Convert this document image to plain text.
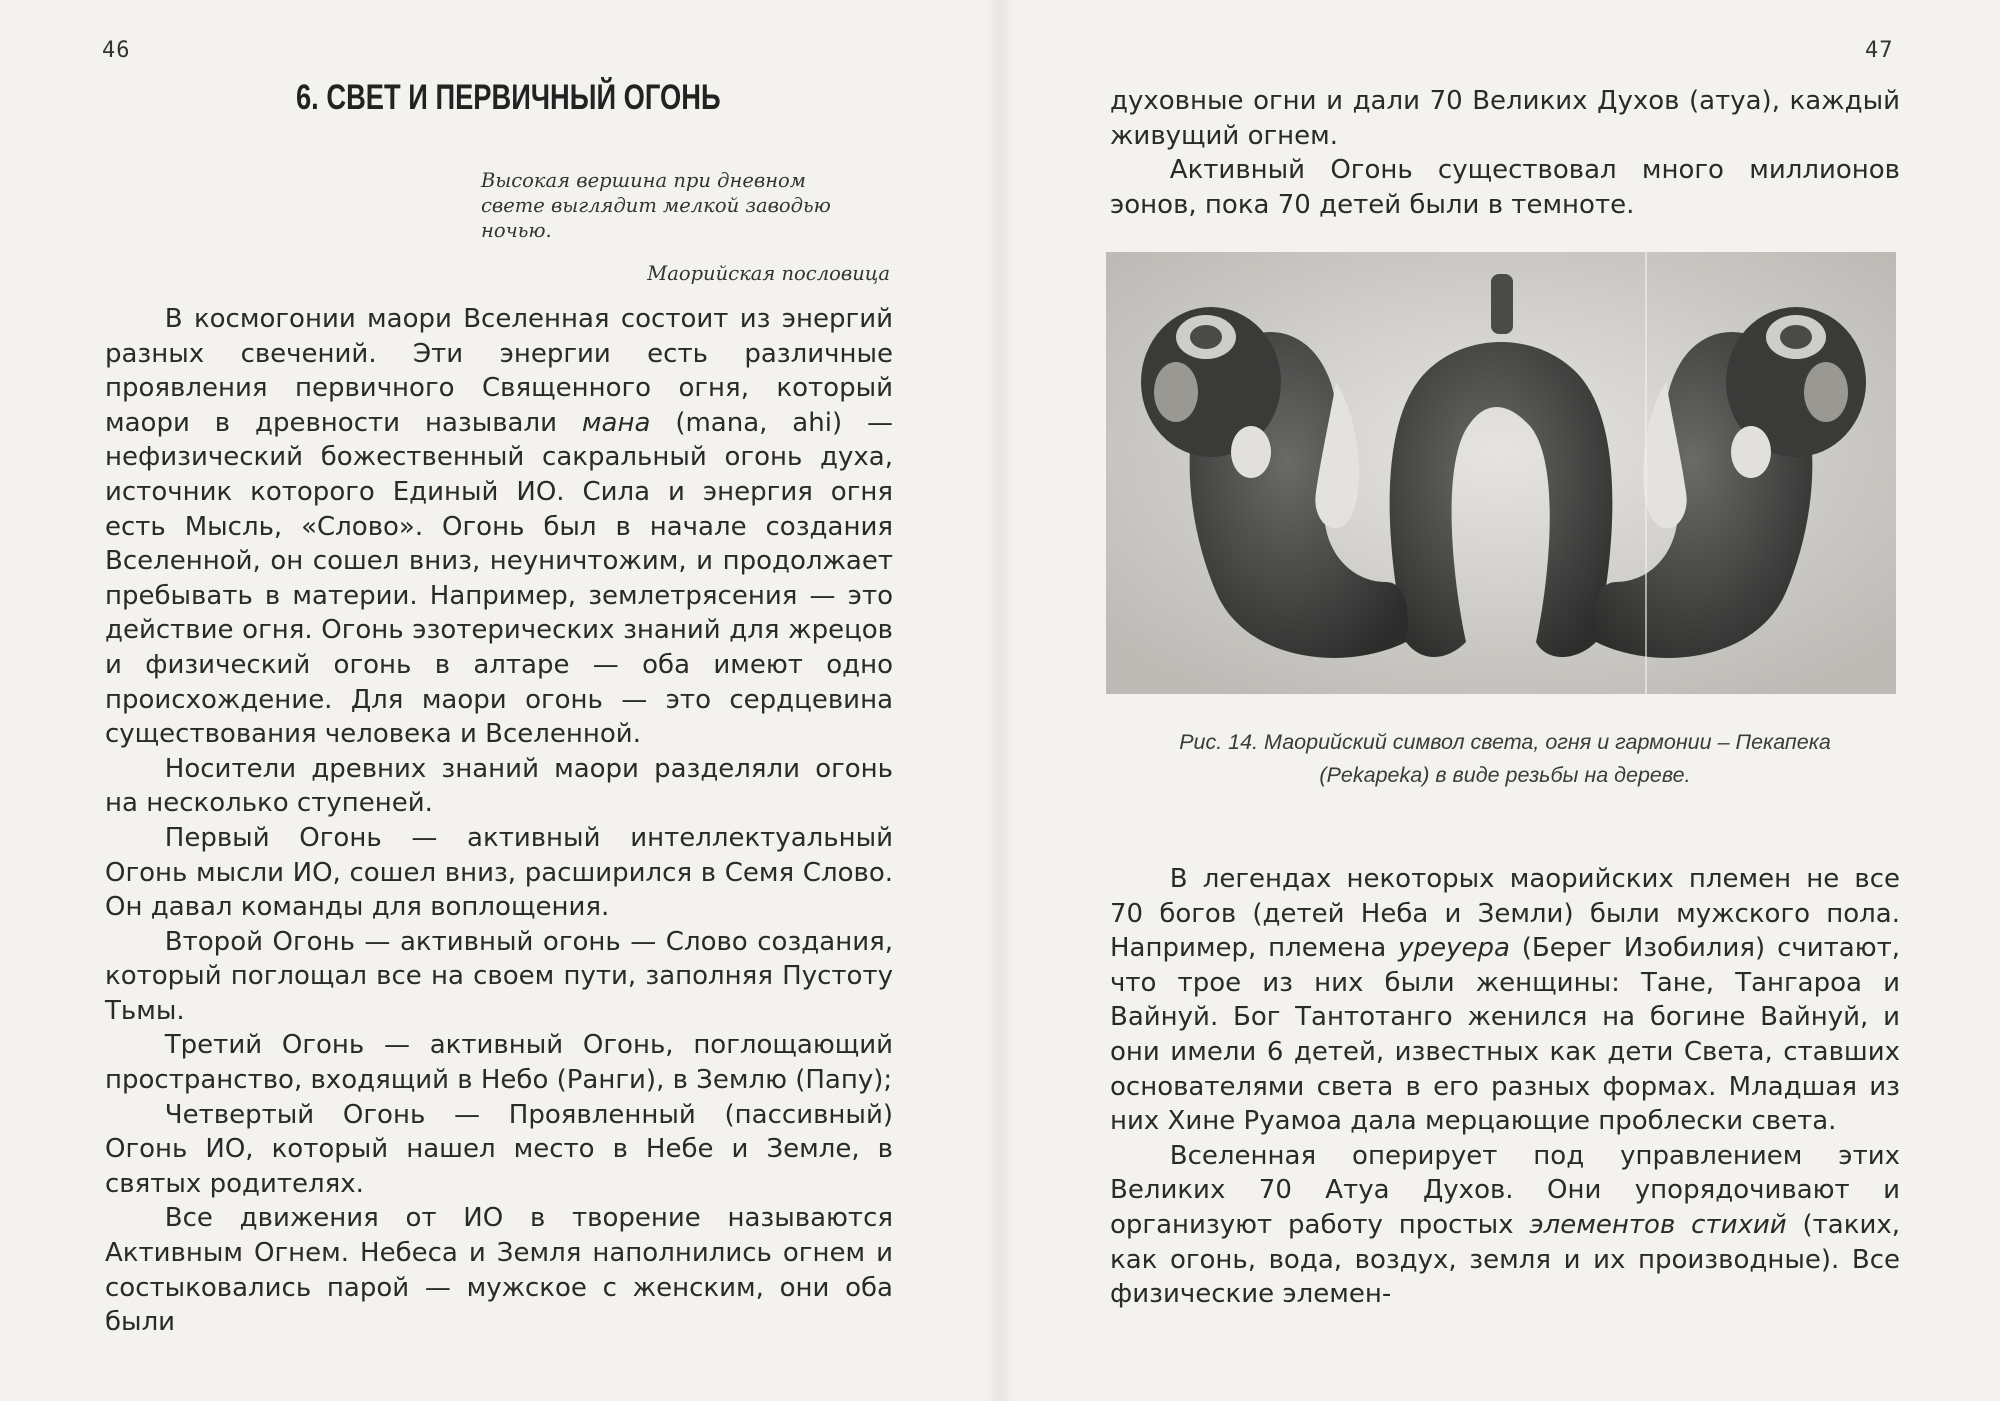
46
6. СВЕТ И ПЕРВИЧНЫЙ ОГОНЬ
Высокая вершина при дневном
свете выглядит мелкой заводью
ночью.
Маорийская пословица

В космогонии маори Вселенная состоит из энергий разных свечений. Эти энергии есть различные проявления первичного Священного огня, который маори в древности называли мана (mana, ahi) — нефизический божественный сакральный огонь духа, источник которого Единый ИО. Сила и энергия огня есть Мысль, «Слово». Огонь был в начале создания Вселенной, он сошел вниз, неуничтожим, и продолжает пребывать в материи. Например, землетрясения — это действие огня. Огонь эзотерических знаний для жрецов и физический огонь в алтаре — оба имеют одно происхождение. Для маори огонь — это сердцевина существования человека и Вселенной.

Носители древних знаний маори разделяли огонь на несколько ступеней.

Первый Огонь — активный интеллектуальный Огонь мысли ИО, сошел вниз, расширился в Семя Слово. Он давал команды для воплощения.

Второй Огонь — активный огонь — Слово создания, который поглощал все на своем пути, заполняя Пустоту Тьмы.

Третий Огонь — активный Огонь, поглощающий пространство, входящий в Небо (Ранги), в Землю (Папу);

Четвертый Огонь — Проявленный (пассивный) Огонь ИО, который нашел место в Небе и Земле, в святых родителях.

Все движения от ИО в творение называются Активным Огнем. Небеса и Земля наполнились огнем и состыковались парой — мужское с женским, они оба были

47

духовные огни и дали 70 Великих Духов (атуа), каждый живущий огнем.

Активный Огонь существовал много миллионов эонов, пока 70 детей были в темноте.

Рис. 14. Маорийский символ света, огня и гармонии – Пекапека
(Pekapeka) в виде резьбы на дереве.

В легендах некоторых маорийских племен не все 70 богов (детей Неба и Земли) были мужского пола. Например, племена уреуера (Берег Изобилия) считают, что трое из них были женщины: Тане, Тангароа и Вайнуй. Бог Тантотанго женился на богине Вайнуй, и они имели 6 детей, известных как дети Света, ставших основателями света в его разных формах. Младшая из них Хине Руамоа дала мерцающие проблески света.

Вселенная оперирует под управлением этих Великих 70 Атуа Духов. Они упорядочивают и организуют работу простых элементов стихий (таких, как огонь, вода, воздух, земля и их производные). Все физические элемен-
